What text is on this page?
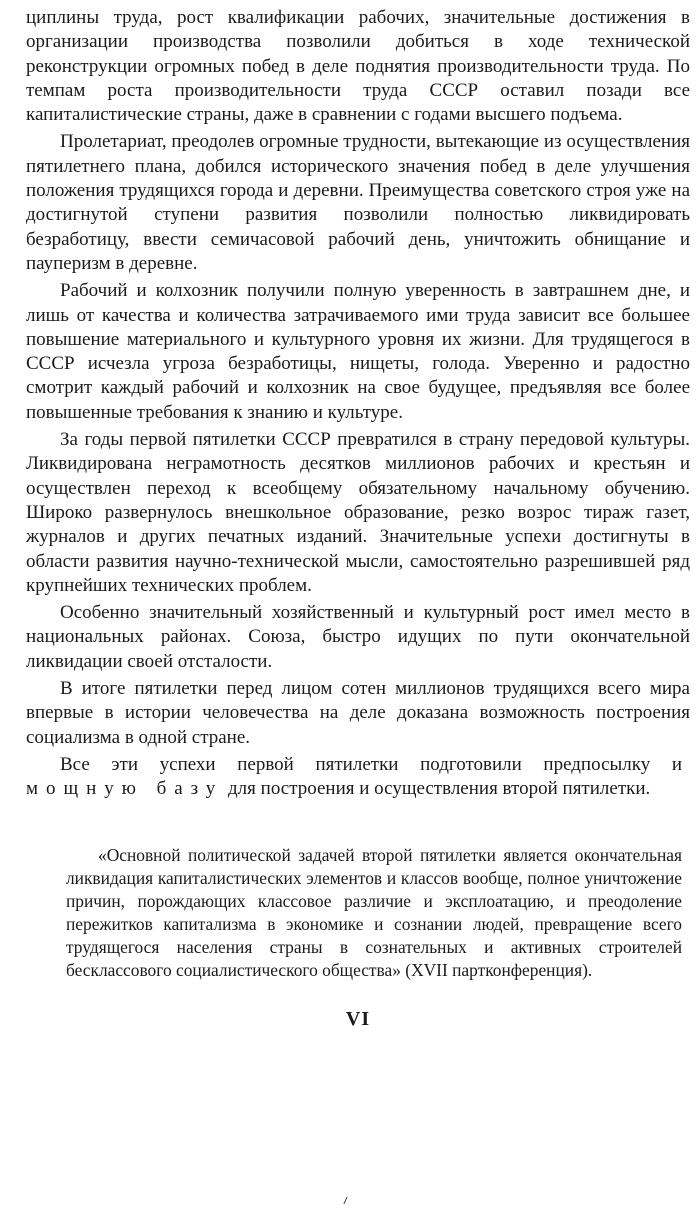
циплины труда, рост квалификации рабочих, значительные достижения в организации производства позволили добиться в ходе технической реконструкции огромных побед в деле поднятия производительности труда. По темпам роста производительности труда СССР оставил позади все капиталистические страны, даже в сравнении с годами высшего подъема.

Пролетариат, преодолев огромные трудности, вытекающие из осуществления пятилетнего плана, добился исторического значения побед в деле улучшения положения трудящихся города и деревни. Преимущества советского строя уже на достигнутой ступени развития позволили полностью ликвидировать безработицу, ввести семичасовой рабочий день, уничтожить обнищание и пауперизм в деревне.

Рабочий и колхозник получили полную уверенность в завтрашнем дне, и лишь от качества и количества затрачиваемого ими труда зависит все большее повышение материального и культурного уровня их жизни. Для трудящегося в СССР исчезла угроза безработицы, нищеты, голода. Уверенно и радостно смотрит каждый рабочий и колхозник на свое будущее, предъявляя все более повышенные требования к знанию и культуре.

За годы первой пятилетки СССР превратился в страну передовой культуры. Ликвидирована неграмотность десятков миллионов рабочих и крестьян и осуществлен переход к всеобщему обязательному начальному обучению. Широко развернулось внешкольное образование, резко возрос тираж газет, журналов и других печатных изданий. Значительные успехи достигнуты в области развития научно-технической мысли, самостоятельно разрешившей ряд крупнейших технических проблем.

Особенно значительный хозяйственный и культурный рост имел место в национальных районах. Союза, быстро идущих по пути окончательной ликвидации своей отсталости.

В итоге пятилетки перед лицом сотен миллионов трудящихся всего мира впервые в истории человечества на деле доказана возможность построения социализма в одной стране.

Все эти успехи первой пятилетки подготовили предпосылку и мощную базу для построения и осуществления второй пятилетки.

«Основной политической задачей второй пятилетки является окончательная ликвидация капиталистических элементов и классов вообще, полное уничтожение причин, порождающих классовое различие и эксплоатацию, и преодоление пережитков капитализма в экономике и сознании людей, превращение всего трудящегося населения страны в сознательных и активных строителей бесклассового социалистического общества» (XVII партконференция).

VI
